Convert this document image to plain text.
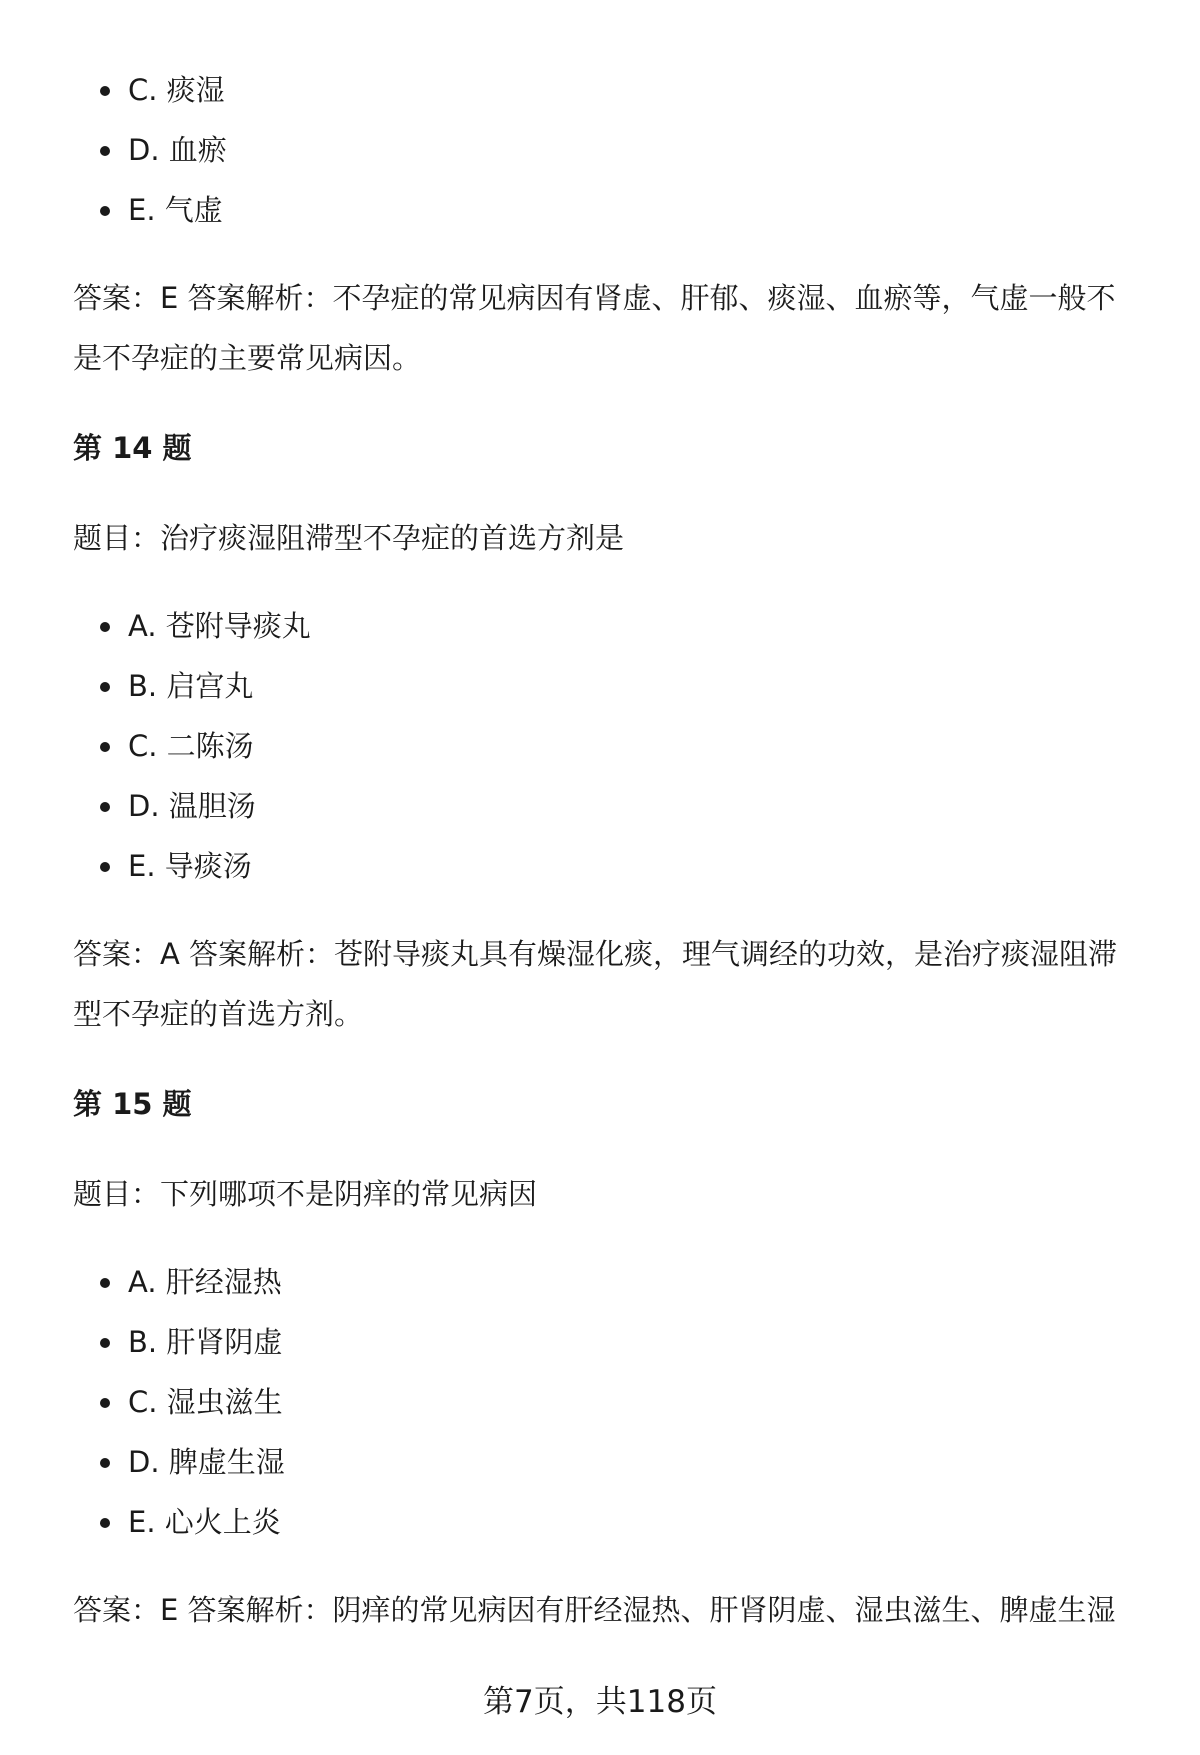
C. 痰湿
D. 血瘀
E. 气虚

答案：E 答案解析：不孕症的常见病因有肾虚、肝郁、痰湿、血瘀等，气虚一般不是不孕症的主要常见病因。

第 14 题

题目：治疗痰湿阻滞型不孕症的首选方剂是

A. 苍附导痰丸
B. 启宫丸
C. 二陈汤
D. 温胆汤
E. 导痰汤

答案：A 答案解析：苍附导痰丸具有燥湿化痰，理气调经的功效，是治疗痰湿阻滞型不孕症的首选方剂。

第 15 题

题目：下列哪项不是阴痒的常见病因

A. 肝经湿热
B. 肝肾阴虚
C. 湿虫滋生
D. 脾虚生湿
E. 心火上炎

答案：E 答案解析：阴痒的常见病因有肝经湿热、肝肾阴虚、湿虫滋生、脾虚生湿

第7页，共118页
